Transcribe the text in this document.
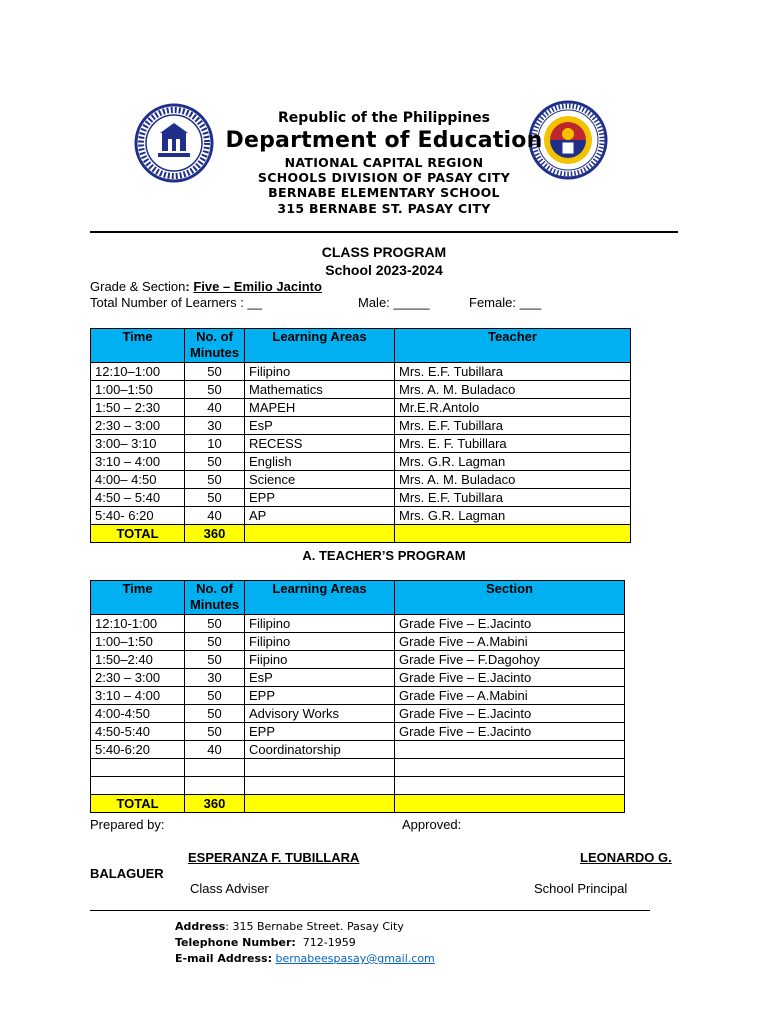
Republic of the Philippines
Department of Education
NATIONAL CAPITAL REGION
SCHOOLS DIVISION OF PASAY CITY
BERNABE ELEMENTARY SCHOOL
315 BERNABE ST. PASAY CITY
CLASS PROGRAM
School 2023-2024
Grade & Section: Five – Emilio Jacinto
Total Number of Learners : __	Male: _____	Female: ___
Time	No. of Minutes	Learning Areas	Teacher
12:10–1:00	50	Filipino	Mrs. E.F. Tubillara
1:00–1:50	50	Mathematics	Mrs. A. M. Buladaco
1:50 – 2:30	40	MAPEH	Mr.E.R.Antolo
2:30 – 3:00	30	EsP	Mrs. E.F. Tubillara
3:00– 3:10	10	RECESS	Mrs. E. F. Tubillara
3:10 – 4:00	50	English	Mrs. G.R. Lagman
4:00– 4:50	50	Science	Mrs. A. M. Buladaco
4:50 – 5:40	50	EPP	Mrs. E.F. Tubillara
5:40- 6:20	40	AP	Mrs. G.R. Lagman
TOTAL	360		
A. TEACHER’S PROGRAM
Time	No. of Minutes	Learning Areas	Section
12:10-1:00	50	Filipino	Grade Five – E.Jacinto
1:00–1:50	50	Filipino	Grade Five – A.Mabini
1:50–2:40	50	Fiipino	Grade Five – F.Dagohoy
2:30 – 3:00	30	EsP	Grade Five – E.Jacinto
3:10 – 4:00	50	EPP	Grade Five – A.Mabini
4:00-4:50	50	Advisory Works	Grade Five – E.Jacinto
4:50-5:40	50	EPP	Grade Five – E.Jacinto
5:40-6:20	40	Coordinatorship	

TOTAL	360		
Prepared by:	Approved:
ESPERANZA F. TUBILLARA	LEONARDO G.
BALAGUER
Class Adviser	School Principal
Address: 315 Bernabe Street. Pasay City
Telephone Number:  712-1959
E-mail Address: bernabeespasay@gmail.com
